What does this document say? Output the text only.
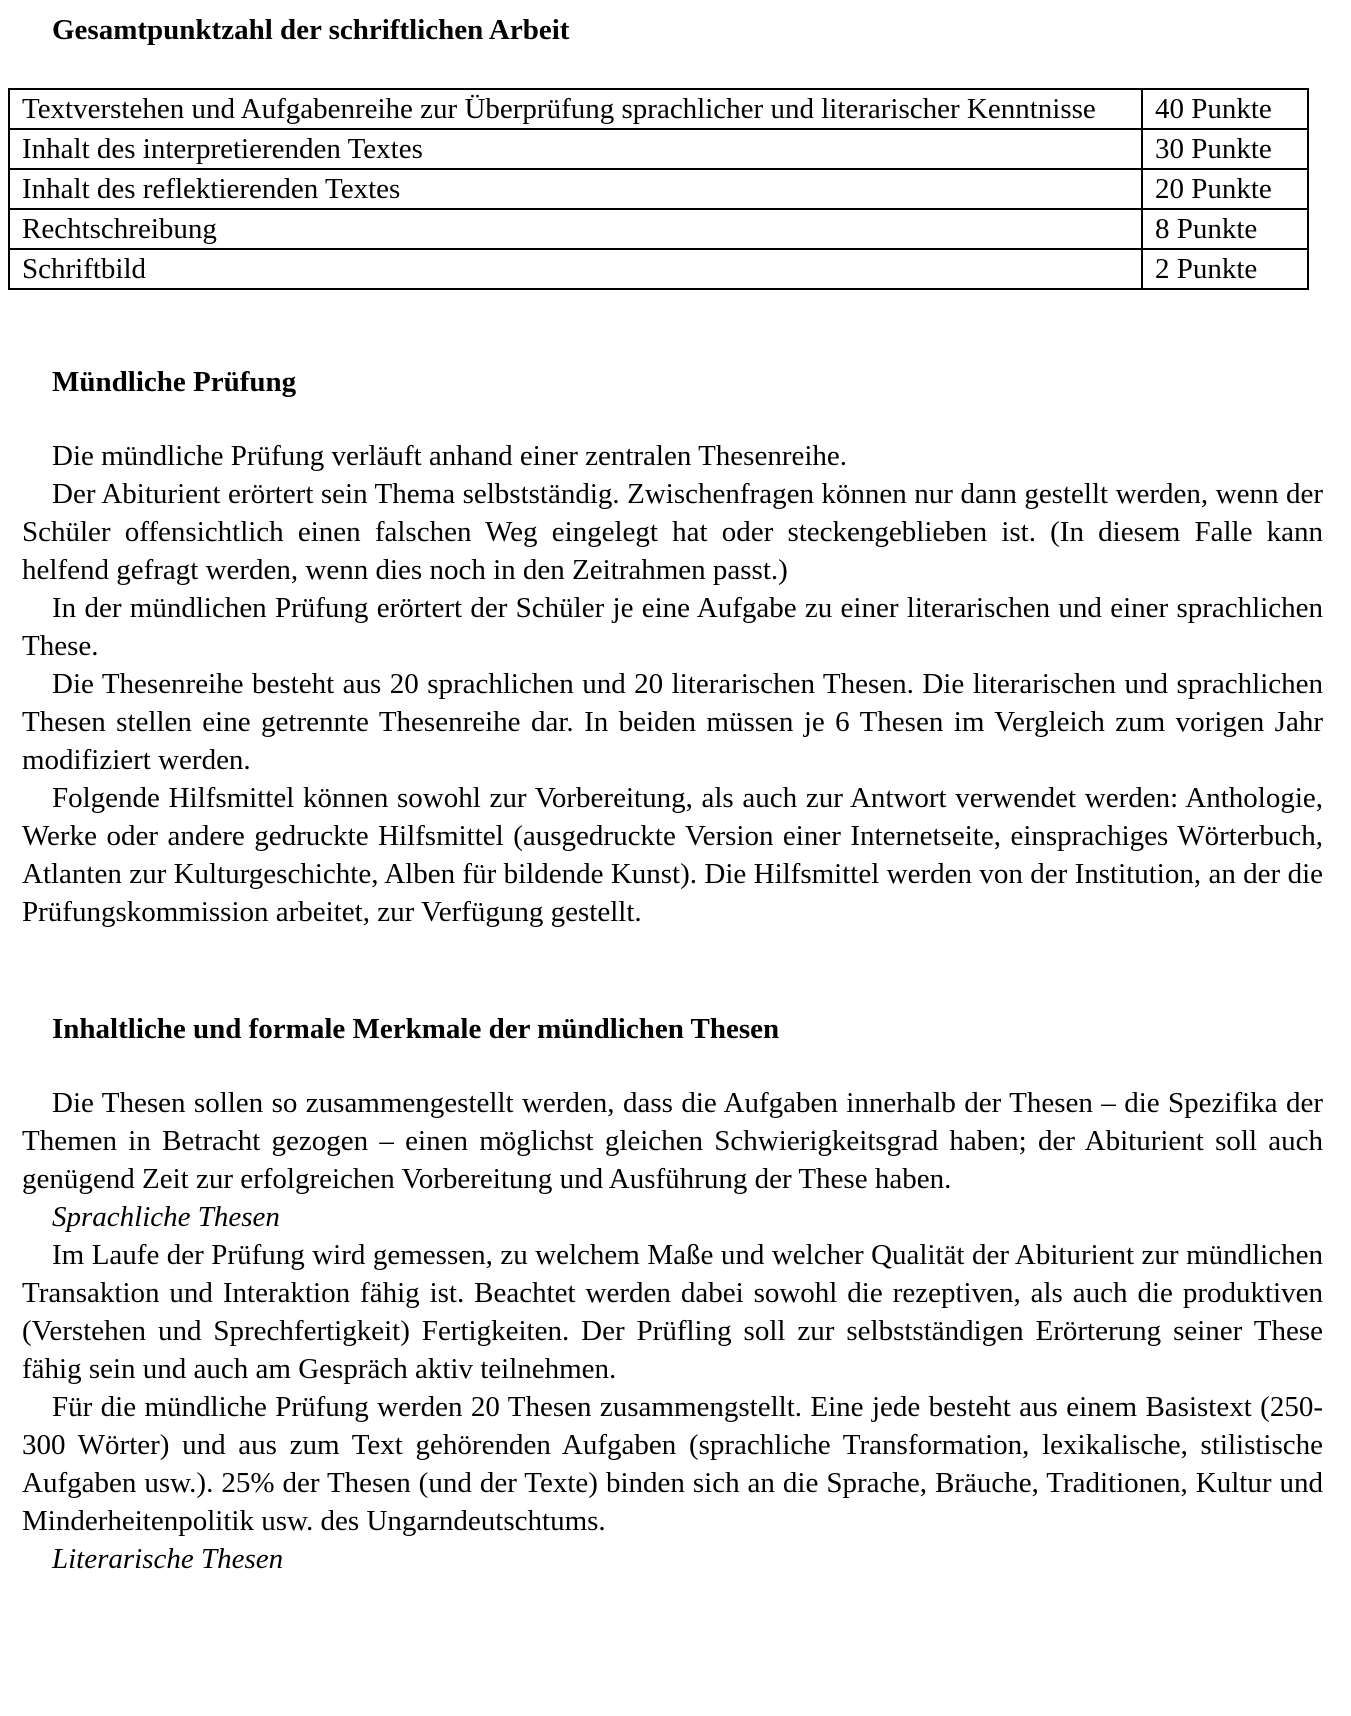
Gesamtpunktzahl der schriftlichen Arbeit
Textverstehen und Aufgabenreihe zur Überprüfung sprachlicher und literarischer Kenntnisse	40 Punkte
Inhalt des interpretierenden Textes	30 Punkte
Inhalt des reflektierenden Textes	20 Punkte
Rechtschreibung	8 Punkte
Schriftbild	2 Punkte
Mündliche Prüfung

Die mündliche Prüfung verläuft anhand einer zentralen Thesenreihe.

Der Abiturient erörtert sein Thema selbstständig. Zwischenfragen können nur dann gestellt werden, wenn der Schüler offensichtlich einen falschen Weg eingelegt hat oder steckengeblieben ist. (In diesem Falle kann helfend gefragt werden, wenn dies noch in den Zeitrahmen passt.)

In der mündlichen Prüfung erörtert der Schüler je eine Aufgabe zu einer literarischen und einer sprachlichen These.

Die Thesenreihe besteht aus 20 sprachlichen und 20 literarischen Thesen. Die literarischen und sprachlichen Thesen stellen eine getrennte Thesenreihe dar. In beiden müssen je 6 Thesen im Vergleich zum vorigen Jahr modifiziert werden.

Folgende Hilfsmittel können sowohl zur Vorbereitung, als auch zur Antwort verwendet werden: Anthologie, Werke oder andere gedruckte Hilfsmittel (ausgedruckte Version einer Internetseite, einsprachiges Wörterbuch, Atlanten zur Kulturgeschichte, Alben für bildende Kunst). Die Hilfsmittel werden von der Institution, an der die Prüfungskommission arbeitet, zur Verfügung gestellt.

Inhaltliche und formale Merkmale der mündlichen Thesen

Die Thesen sollen so zusammengestellt werden, dass die Aufgaben innerhalb der Thesen – die Spezifika der Themen in Betracht gezogen – einen möglichst gleichen Schwierigkeitsgrad haben; der Abiturient soll auch genügend Zeit zur erfolgreichen Vorbereitung und Ausführung der These haben.

Sprachliche Thesen

Im Laufe der Prüfung wird gemessen, zu welchem Maße und welcher Qualität der Abiturient zur mündlichen Transaktion und Interaktion fähig ist. Beachtet werden dabei sowohl die rezeptiven, als auch die produktiven (Verstehen und Sprechfertigkeit) Fertigkeiten. Der Prüfling soll zur selbstständigen Erörterung seiner These fähig sein und auch am Gespräch aktiv teilnehmen.

Für die mündliche Prüfung werden 20 Thesen zusammengstellt. Eine jede besteht aus einem Basistext (250-300 Wörter) und aus zum Text gehörenden Aufgaben (sprachliche Transformation, lexikalische, stilistische Aufgaben usw.). 25% der Thesen (und der Texte) binden sich an die Sprache, Bräuche, Traditionen, Kultur und Minderheitenpolitik usw. des Ungarndeutschtums.

Literarische Thesen
